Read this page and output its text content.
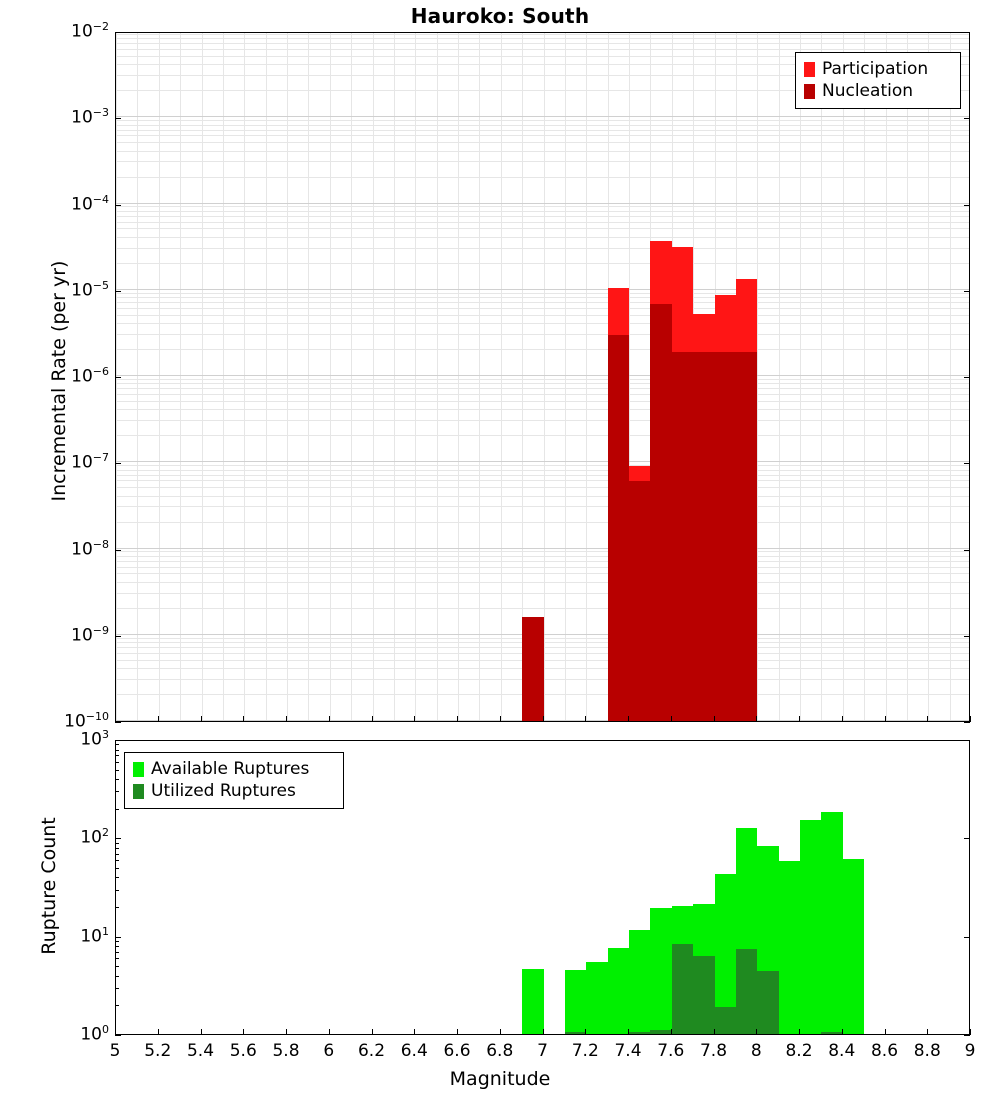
Hauroko: South
$10^{-10}$
$10^{-9}$
$10^{-8}$
$10^{-7}$
$10^{-6}$
$10^{-5}$
$10^{-4}$
$10^{-3}$
$10^{-2}$
Incremental Rate (per yr)
Participation
Nucleation
$10^0$
$10^1$
$10^2$
$10^3$
5	5.2 5.4 5.6 5.8	6	6.2 6.4 6.6 6.8	7	7.2 7.4 7.6 7.8	8	8.2 8.4 8.6 8.8	9
Rupture Count
Magnitude
Available Ruptures
Utilized Ruptures
